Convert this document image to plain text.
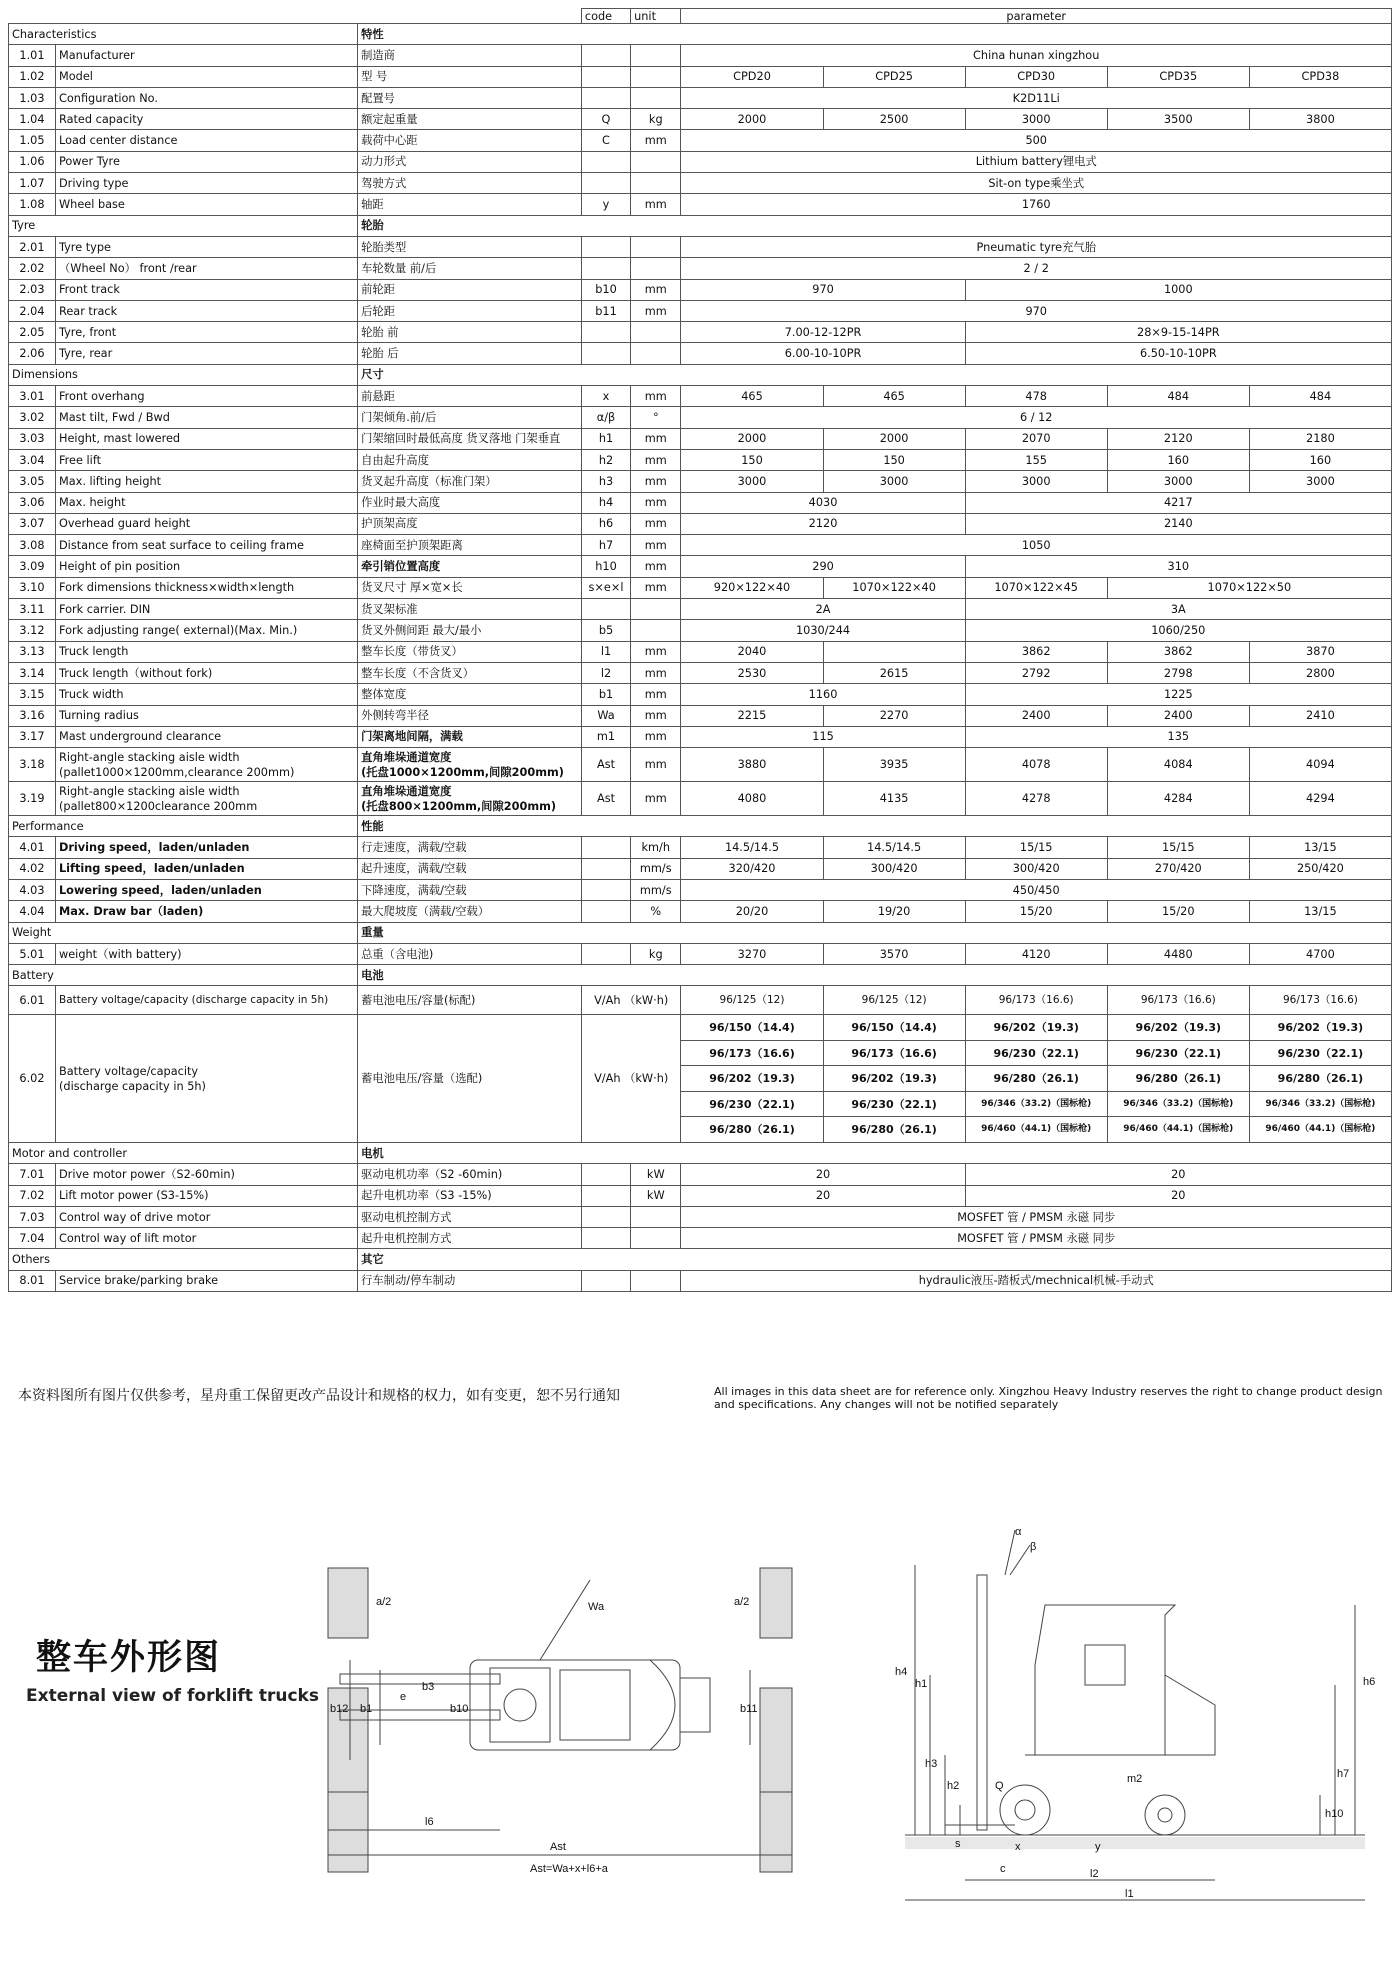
			code	unit	parameter				
Characteristics		特性							
1.01	Manufacturer	制造商			China hunan xingzhou				
1.02	Model	型 号			CPD20	CPD25	CPD30	CPD35	CPD38
1.03	Configuration No.	配置号			K2D11Li				
1.04	Rated capacity	额定起重量	Q	kg	2000	2500	3000	3500	3800
1.05	Load center distance	载荷中心距	C	mm	500				
1.06	Power Tyre	动力形式			Lithium battery锂电式				
1.07	Driving type	驾驶方式			Sit-on type乘坐式				
1.08	Wheel base	轴距	y	mm	1760				
Tyre		轮胎							
2.01	Tyre type	轮胎类型			Pneumatic tyre充气胎				
2.02	（Wheel No） front /rear	车轮数量 前/后			2 / 2				
2.03	Front track	前轮距	b10	mm	970		1000		
2.04	Rear track	后轮距	b11	mm	970				
2.05	Tyre, front	轮胎 前			7.00-12-12PR		28×9-15-14PR		
2.06	Tyre, rear	轮胎 后			6.00-10-10PR		6.50-10-10PR		
Dimensions		尺寸							
3.01	Front overhang	前悬距	x	mm	465	465	478	484	484
3.02	Mast tilt, Fwd / Bwd	门架倾角.前/后	α/β	°	6 / 12				
3.03	Height, mast lowered	门架缩回时最低高度 货叉落地 门架垂直	h1	mm	2000	2000	2070	2120	2180
3.04	Free lift	自由起升高度	h2	mm	150	150	155	160	160
3.05	Max. lifting height	货叉起升高度（标准门架）	h3	mm	3000	3000	3000	3000	3000
3.06	Max. height	作业时最大高度	h4	mm	4030		4217		
3.07	Overhead guard height	护顶架高度	h6	mm	2120		2140		
3.08	Distance from seat surface to ceiling frame	座椅面至护顶架距离	h7	mm	1050				
3.09	Height of pin position	牵引销位置高度	h10	mm	290		310		
3.10	Fork dimensions thickness×width×length	货叉尺寸 厚×宽×长	s×e×l	mm	920×122×40	1070×122×40	1070×122×45	1070×122×50	
3.11	Fork carrier. DIN	货叉架标准			2A		3A		
3.12	Fork adjusting range( external)(Max. Min.)	货叉外侧间距 最大/最小	b5		1030/244		1060/250		
3.13	Truck length	整车长度（带货叉）	l1	mm	2040		3862	3862	3870
3.14	Truck length（without fork)	整车长度（不含货叉）	l2	mm	2530	2615	2792	2798	2800
3.15	Truck width	整体宽度	b1	mm	1160		1225		
3.16	Turning radius	外侧转弯半径	Wa	mm	2215	2270	2400	2400	2410
3.17	Mast underground clearance	门架离地间隔，满载	m1	mm	115		135		
3.18	Right-angle stacking aisle width
(pallet1000×1200mm,clearance 200mm)	直角堆垛通道宽度
(托盘1000×1200mm,间隙200mm)	Ast	mm	3880	3935	4078	4084	4094
3.19	Right-angle stacking aisle width
(pallet800×1200clearance 200mm	直角堆垛通道宽度
(托盘800×1200mm,间隙200mm)	Ast	mm	4080	4135	4278	4284	4294
Performance		性能							
4.01	Driving speed，laden/unladen	行走速度，满载/空载		km/h	14.5/14.5	14.5/14.5	15/15	15/15	13/15
4.02	Lifting speed，laden/unladen	起升速度，满载/空载		mm/s	320/420	300/420	300/420	270/420	250/420
4.03	Lowering speed，laden/unladen	下降速度，满载/空载		mm/s	450/450				
4.04	Max. Draw bar（laden)	最大爬坡度（满载/空载）		%	20/20	19/20	15/20	15/20	13/15
Weight		重量							
5.01	weight（with battery)	总重（含电池)		kg	3270	3570	4120	4480	4700
Battery		电池							
6.01	Battery voltage/capacity (discharge capacity in 5h)	蓄电池电压/容量(标配)	V/Ah （kW·h)		96/125（12)	96/125（12)	96/173（16.6)	96/173（16.6)	96/173（16.6)
6.02	Battery voltage/capacity
(discharge capacity in 5h)	蓄电池电压/容量（选配)	V/Ah （kW·h)		96/150（14.4)	96/150（14.4)	96/202（19.3)	96/202（19.3)	96/202（19.3)
					96/173（16.6)	96/173（16.6)	96/230（22.1)	96/230（22.1)	96/230（22.1)
					96/202（19.3)	96/202（19.3)	96/280（26.1)	96/280（26.1)	96/280（26.1)
					96/230（22.1)	96/230（22.1)	96/346（33.2)（国标枪)	96/346（33.2)（国标枪)	96/346（33.2)（国标枪)
					96/280（26.1)	96/280（26.1)	96/460（44.1)（国标枪)	96/460（44.1)（国标枪)	96/460（44.1)（国标枪)
Motor and controller		电机							
7.01	Drive motor power（S2-60min)	驱动电机功率（S2 -60min)		kW	20		20		
7.02	Lift motor power (S3-15%)	起升电机功率（S3 -15%)		kW	20		20		
7.03	Control way of drive motor	驱动电机控制方式			MOSFET 管 / PMSM 永磁 同步				
7.04	Control way of lift motor	起升电机控制方式			MOSFET 管 / PMSM 永磁 同步				
Others		其它							
8.01	Service brake/parking brake	行车制动/停车制动			hydraulic液压-踏板式/mechnical机械-手动式				
本资料图所有图片仅供参考，星舟重工保留更改产品设计和规格的权力，如有变更，恕不另行通知	All images in this data sheet are for reference only. Xingzhou Heavy Industry reserves the right to change product design and specifications. Any changes will not be notified separately
整车外形图
External view of forklift trucks
a/2	a/2
Wa
e
b3
b10
b12 b1	b11
l6
Ast
Ast=Wa+x+l6+a
α
β
h4
h1
h3
h2	Q
m2
h6
h7
h10
s
c
x	y
l2
l1
